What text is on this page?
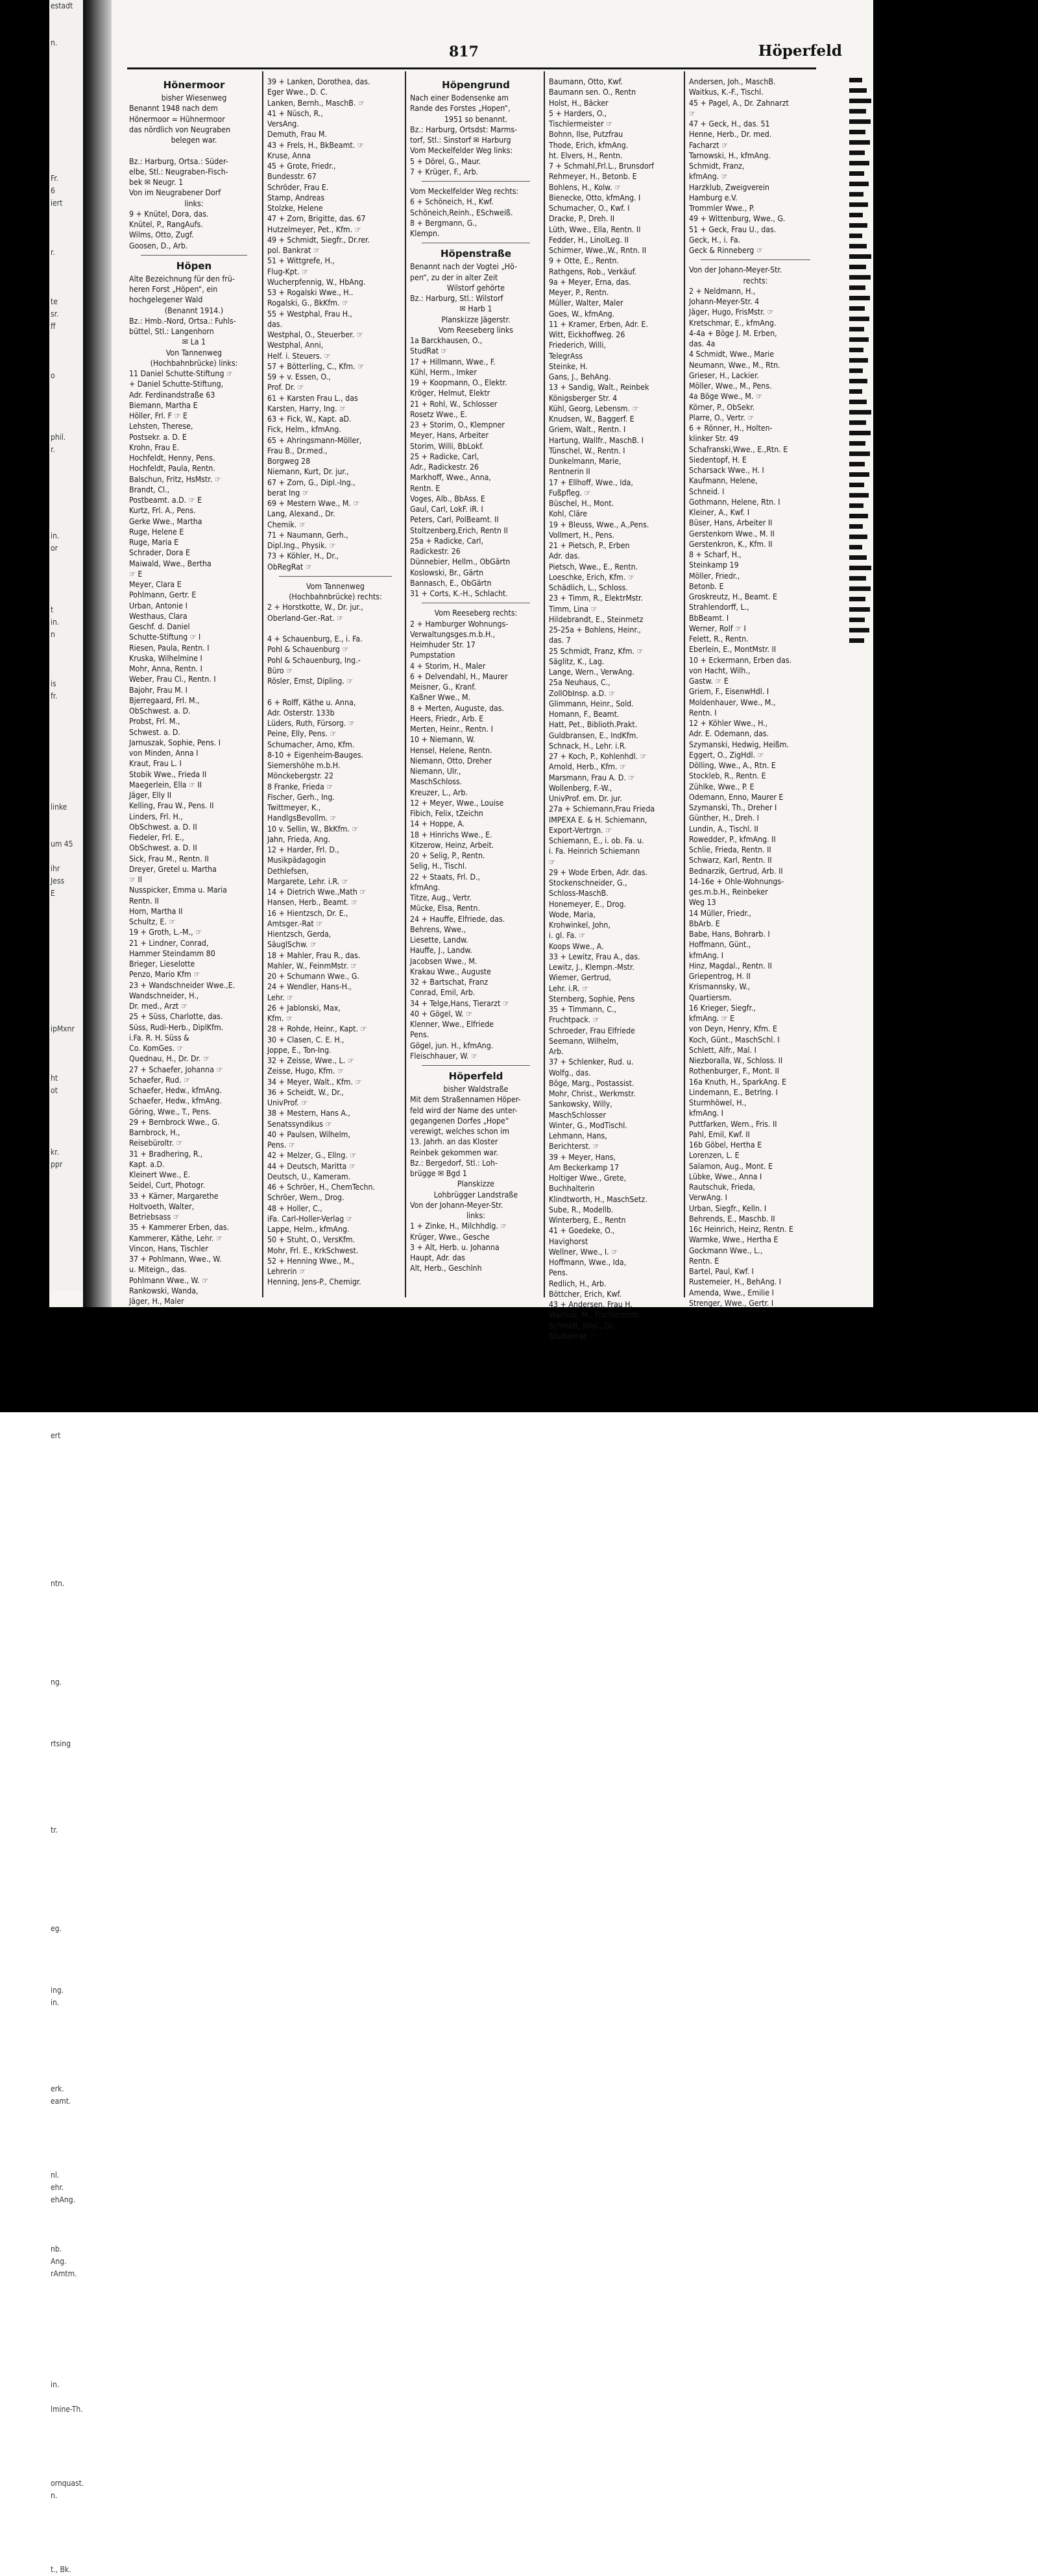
estadt

n.

Fr.
6
iert

r.

te
sr.
ff

o

phil.
r.

in.
or

t
in.
n

is
fr.

linke

um 45

ihr
Jess
E

ipMxnr

ht
ot

kr.
ppr

ert

ntn.

ng.

rtsing

tr.

eg.

ing.
in.

erk.
eamt.

nl.
ehr.
ehAng.

nb.
Ang.
rAmtm.

in.

lmine-Th.

ornquast.
n.

t., Bk.
817	Höperfeld
Hönermoor
bisher Wiesenweg
Benannt 1948 nach dem
Hönermoor = Hühnermoor
das nördlich von Neugraben
belegen war.

Bz.: Harburg, Ortsa.: Süder-
elbe, Stl.: Neugraben-Fisch-
bek ✉ Neugr. 1
Von im Neugrabener Dorf
links:
9 + Knütel, Dora, das.
Knütel, P., RangAufs.
Wilms, Otto, Zugf.
Goosen, D., Arb.
Höpen
Alte Bezeichnung für den frü-
heren Forst „Höpen“, ein
hochgelegener Wald
(Benannt 1914.)
Bz.: Hmb.-Nord, Ortsa.: Fuhls-
büttel, Stl.: Langenhorn
✉ La 1
Von Tannenweg
(Hochbahnbrücke) links:
11 Daniel Schutte-Stiftung ☞
+ Daniel Schutte-Stiftung,
Adr. Ferdinandstraße 63
Biemann, Martha E
Höller, Frl. F ☞ E
Lehsten, Therese,
Postsekr. a. D. E
Krohn, Frau E.
Hochfeldt, Henny, Pens.
Hochfeldt, Paula, Rentn.
Balschun, Fritz, HsMstr. ☞
Brandt, Cl.,
Postbeamt. a.D. ☞ E
Kurtz, Frl. A., Pens.
Gerke Wwe., Martha
Ruge, Helene E
Ruge, Maria E
Schrader, Dora E
Maiwald, Wwe., Bertha
☞ E
Meyer, Clara E
Pohlmann, Gertr. E
Urban, Antonie I
Westhaus, Clara
Geschf. d. Daniel
Schutte-Stiftung ☞ I
Riesen, Paula, Rentn. I
Kruska, Wilhelmine I
Mohr, Anna, Rentn. I
Weber, Frau Cl., Rentn. I
Bajohr, Frau M. I
Bjerregaard, Frl. M.,
ObSchwest. a. D.
Probst, Frl. M.,
Schwest. a. D.
Jarnuszak, Sophie, Pens. I
von Minden, Anna I
Kraut, Frau L. I
Stobik Wwe., Frieda II
Maegerlein, Ella ☞ II
Jäger, Elly II
Kelling, Frau W., Pens. II
Linders, Frl. H.,
ObSchwest. a. D. II
Fiedeler, Frl. E.,
ObSchwest. a. D. II
Sick, Frau M., Rentn. II
Dreyer, Gretel u. Martha
☞ II
Nusspicker, Emma u. Maria
Rentn. II
Horn, Martha II
Schultz, E. ☞
19 + Groth, L.-M., ☞
21 + Lindner, Conrad,
Hammer Steindamm 80
Brieger, Lieselotte
Penzo, Mario Kfm ☞
23 + Wandschneider Wwe.,E.
Wandschneider, H.,
Dr. med., Arzt ☞
25 + Süss, Charlotte, das.
Süss, Rudi-Herb., DiplKfm.
i.Fa. R. H. Süss &
Co. KomGes. ☞
Quednau, H., Dr. Dr. ☞
27 + Schaefer, Johanna ☞
Schaefer, Rud. ☞
Schaefer, Hedw., kfmAng.
Schaefer, Hedw., kfmAng.
Göring, Wwe., T., Pens.
29 + Bernbrock Wwe., G.
Barnbrock, H.,
Reisebüroltr. ☞
31 + Bradhering, R.,
Kapt. a.D.
Kleinert Wwe., E.
Seidel, Curt, Photogr.
33 + Kärner, Margarethe
Holtvoeth, Walter,
Betriebsass ☞
35 + Kammerer Erben, das.
Kammerer, Käthe, Lehr. ☞
Vincon, Hans, Tischler
37 + Pohlmann, Wwe., W.
u. Miteign., das.
Pohlmann Wwe., W. ☞
Rankowski, Wanda,
Jäger, H., Maler
39 + Lanken, Dorothea, das.
Eger Wwe., D. C.
Lanken, Bernh., MaschB. ☞
41 + Nüsch, R.,
VersAng.
Demuth, Frau M.
43 + Frels, H., BkBeamt. ☞
Kruse, Anna
45 + Grote, Friedr.,
Bundesstr. 67
Schröder, Frau E.
Stamp, Andreas
Stolzke, Helene
47 + Zorn, Brigitte, das. 67
Hutzelmeyer, Pet., Kfm. ☞
49 + Schmidt, Siegfr., Dr.rer.
pol. Bankrat ☞
51 + Wittgrefe, H.,
Flug-Kpt. ☞
Wucherpfennig, W., HbAng.
53 + Rogalski Wwe., H..
Rogalski, G., BkKfm. ☞
55 + Westphal, Frau H.,
das.
Westphal, O., Steuerber. ☞
Westphal, Anni,
Helf. i. Steuers. ☞
57 + Bötterling, C., Kfm. ☞
59 + v. Essen, O.,
Prof. Dr. ☞
61 + Karsten Frau L., das
Karsten, Harry, Ing. ☞
63 + Fick, W., Kapt. aD.
Fick, Helm., kfmAng.
65 + Ahringsmann-Möller,
Frau B., Dr.med.,
Borgweg 28
Niemann, Kurt, Dr. jur.,
67 + Zorn, G., Dipl.-Ing.,
berat Ing ☞
69 + Mestern Wwe., M. ☞
Lang, Alexand., Dr.
Chemik. ☞
71 + Naumann, Gerh.,
Dipl.Ing., Physik. ☞
73 + Köhler, H., Dr.,
ObRegRat ☞
Vom Tannenweg
(Hochbahnbrücke) rechts:
2 + Horstkotte, W., Dr. jur.,
Oberland-Ger.-Rat. ☞

4 + Schauenburg, E., i. Fa.
Pohl & Schauenburg ☞
Pohl & Schauenburg, Ing.-
Büro ☞
Rösler, Ernst, Dipling. ☞

6 + Rolff, Käthe u. Anna,
Adr. Osterstr. 133b
Lüders, Ruth, Fürsorg. ☞
Peine, Elly, Pens. ☞
Schumacher, Arno, Kfm.
8-10 + Eigenheim-Bauges.
Siemershöhe m.b.H.
Mönckebergstr. 22
8 Franke, Frieda ☞
Fischer, Gerh., Ing.
Twittmeyer, K.,
HandlgsBevollm. ☞
10 v. Sellin, W., BkKfm. ☞
Jahn, Frieda, Ang.
12 + Harder, Frl. D.,
Musikpädagogin
Dethlefsen,
Margarete, Lehr. i.R. ☞
14 + Dietrich Wwe.,Math ☞
Hansen, Herb., Beamt. ☞
16 + Hientzsch, Dr. E.,
Amtsger.-Rat ☞
Hientzsch, Gerda,
SäuglSchw. ☞
18 + Mahler, Frau R., das.
Mahler, W., FeinmMstr. ☞
20 + Schumann Wwe., G.
24 + Wendler, Hans-H.,
Lehr. ☞
26 + Jablonski, Max,
Kfm. ☞
28 + Rohde, Heinr., Kapt. ☞
30 + Clasen, C. E. H.,
Joppe, E., Ton-Ing.
32 + Zeisse, Wwe., L. ☞
Zeisse, Hugo, Kfm. ☞
34 + Meyer, Walt., Kfm. ☞
36 + Scheidt, W., Dr.,
UnivProf. ☞
38 + Mestern, Hans A.,
Senatssyndikus ☞
40 + Paulsen, Wilhelm,
Pens. ☞
42 + Melzer, G., Ellng. ☞
44 + Deutsch, Maritta ☞
Deutsch, U., Kameram.
46 + Schröer, H., ChemTechn.
Schröer, Wern., Drog.
48 + Holler, C.,
iFa. Carl-Holler-Verlag ☞
Lappe, Helm., kfmAng.
50 + Stuht, O., VersKfm.
Mohr, Frl. E., KrkSchwest.
52 + Henning Wwe., M.,
Lehrerin ☞
Henning, Jens-P., Chemigr.
Höpengrund
Nach einer Bodensenke am
Rande des Forstes „Hopen“,
1951 so benannt.
Bz.: Harburg, Ortsdst: Marms-
torf, Stl.: Sinstorf ✉ Harburg
Vom Meckelfelder Weg links:
5 + Dörel, G., Maur.
7 + Krüger, F., Arb.
Vom Meckelfelder Weg rechts:
6 + Schöneich, H., Kwf.
Schöneich,Reinh., ESchweiß.
8 + Bergmann, G.,
Klempn.
Höpenstraße
Benannt nach der Vogtei „Hö-
pen“, zu der in alter Zeit
Wilstorf gehörte
Bz.: Harburg, Stl.: Wilstorf
✉ Harb 1
Planskizze Jägerstr.
Vom Reeseberg links
1a Barckhausen, O.,
StudRat ☞
17 + Hillmann, Wwe., F.
Kühl, Herm., Imker
19 + Koopmann, O., Elektr.
Kröger, Helmut, Elektr
21 + Rohl, W., Schlosser
Rosetz Wwe., E.
23 + Storim, O., Klempner
Meyer, Hans, Arbeiter
Storim, Willi, BbLokf.
25 + Radicke, Carl,
Adr., Radickestr. 26
Markhoff, Wwe., Anna,
Rentn. E
Voges, Alb., BbAss. E
Gaul, Carl, LokF. iR. I
Peters, Carl, PolBeamt. II
Stoltzenberg,Erich, Rentn II
25a + Radicke, Carl,
Radickestr. 26
Dünnebier, Hellm., ObGärtn
Koslowski, Br., Gärtn
Bannasch, E., ObGärtn
31 + Corts, K.-H., Schlacht.
Vom Reeseberg rechts:
2 + Hamburger Wohnungs-
Verwaltungsges.m.b.H.,
Heimhuder Str. 17
Pumpstation
4 + Storim, H., Maler
6 + Delvendahl, H., Maurer
Meisner, G., Kranf.
Kaßner Wwe., M.
8 + Merten, Auguste, das.
Heers, Friedr., Arb. E
Merten, Heinr., Rentn. I
10 + Niemann, W.
Hensel, Helene, Rentn.
Niemann, Otto, Dreher
Niemann, Ulr.,
MaschSchloss.
Kreuzer, L., Arb.
12 + Meyer, Wwe., Louise
Fibich, Felix, tZeichn
14 + Hoppe, A.
18 + Hinrichs Wwe., E.
Kitzerow, Heinz, Arbeit.
20 + Selig, P., Rentn.
Selig, H., Tischl.
22 + Staats, Frl. D.,
kfmAng.
Titze, Aug., Vertr.
Mücke, Elsa, Rentn.
24 + Hauffe, Elfriede, das.
Behrens, Wwe.,
Liesette, Landw.
Hauffe, J., Landw.
Jacobsen Wwe., M.
Krakau Wwe., Auguste
32 + Bartschat, Franz
Conrad, Emil, Arb.
34 + Telge,Hans, Tierarzt ☞
40 + Gögel, W. ☞
Klenner, Wwe., Elfriede
Pens.
Gögel, jun. H., kfmAng.
Fleischhauer, W. ☞
Höperfeld
bisher Waldstraße
Mit dem Straßennamen Höper-
feld wird der Name des unter-
gegangenen Dorfes „Hope“
verewigt, welches schon im
13. Jahrh. an das Kloster
Reinbek gekommen war.
Bz.: Bergedorf, Stl.: Loh-
brügge ✉ Bgd 1
Planskizze
Lohbrügger Landstraße
Von der Johann-Meyer-Str.
links:
1 + Zinke, H., Milchhdlg. ☞
Krüger, Wwe., Gesche
3 + Alt, Herb. u. Johanna
Haupt, Adr. das
Alt, Herb., Geschlnh
Baumann, Otto, Kwf.
Baumann sen. O., Rentn
Holst, H., Bäcker
5 + Harders, O.,
Tischlermeister ☞
Bohnn, Ilse, Putzfrau
Thode, Erich, kfmAng.
ht. Elvers, H., Rentn.
7 + Schmahl,Frl.L., Brunsdorf
Rehmeyer, H., Betonb. E
Bohlens, H., Kolw. ☞
Bienecke, Otto, kfmAng. I
Schumacher, O., Kwf. I
Dracke, P., Dreh. II
Lüth, Wwe., Ella, Rentn. II
Fedder, H., LinolLeg. II
Schirmer, Wwe.,W., Rntn. II
9 + Otte, E., Rentn.
Rathgens, Rob., Verkäuf.
9a + Meyer, Erna, das.
Meyer, P., Rentn.
Müller, Walter, Maler
Goes, W., kfmAng.
11 + Kramer, Erben, Adr. E.
Witt, Eickhoffweg. 26
Friederich, Willi,
TelegrAss
Steinke, H.
Gans, J., BehAng.
13 + Sandig, Walt., Reinbek
Königsberger Str. 4
Kühl, Georg, Lebensm. ☞
Knudsen, W., Baggerf. E
Griem, Walt., Rentn. I
Hartung, Wallfr., MaschB. I
Tünschel, W., Rentn. I
Dunkelmann, Marie,
Rentnerin II
17 + Ellhoff, Wwe., Ida,
Fußpfleg. ☞
Büschel, H., Mont.
Kohl, Cläre
19 + Bleuss, Wwe., A.,Pens.
Vollmert, H., Pens.
21 + Pietsch, P., Erben
Adr. das.
Pietsch, Wwe., E., Rentn.
Loeschke, Erich, Kfm. ☞
Schädlich, L., Schloss.
23 + Timm, R., ElektrMstr.
Timm, Lina ☞
Hildebrandt, E., Steinmetz
25-25a + Bohlens, Heinr.,
das. 7
25 Schmidt, Franz, Kfm. ☞
Säglitz, K., Lag.
Lange, Wern., VerwAng.
25a Neuhaus, C.,
ZollObInsp. a.D. ☞
Glimmann, Heinr., Sold.
Homann, F., Beamt.
Hatt, Pet., Biblioth.Prakt.
Guldbransen, E., IndKfm.
Schnack, H., Lehr. i.R.
27 + Koch, P., Kohlenhdl. ☞
Arnold, Herb., Kfm. ☞
Marsmann, Frau A. D. ☞
Wollenberg, F.-W.,
UnivProf. em. Dr. jur.
27a + Schiemann,Frau Frieda
IMPEXA E. & H. Schiemann,
Export-Vertrgn. ☞
Schiemann, E., i. ob. Fa. u.
i. Fa. Heinrich Schiemann
☞
29 + Wode Erben, Adr. das.
Stockenschneider, G.,
Schloss-MaschB.
Honemeyer, E., Drog.
Wode, Maria,
Krohwinkel, John,
i. gl. Fa. ☞
Koops Wwe., A.
33 + Lewitz, Frau A., das.
Lewitz, J., Klempn.-Mstr.
Wiemer, Gertrud,
Lehr. i.R. ☞
Sternberg, Sophie, Pens
35 + Timmann, C.,
Fruchtpack. ☞
Schroeder, Frau Elfriede
Seemann, Wilhelm,
Arb.
37 + Schlenker, Rud. u.
Wolfg., das.
Böge, Marg., Postassist.
Mohr, Christ., Werkmstr.
Sankowsky, Willy,
MaschSchlosser
Winter, G., ModTischl.
Lehmann, Hans,
Berichterst. ☞
39 + Meyer, Hans,
Am Beckerkamp 17
Holtiger Wwe., Grete,
Buchhalterin
Klindtworth, H., MaschSetz.
Sube, R., Modellb.
Winterberg, E., Rentn
41 + Goedeke, O.,
Havighorst
Wellner, Wwe., I. ☞
Hoffmann, Wwe., Ida,
Pens.
Redlich, H., Arb.
Böttcher, Erich, Kwf.
43 + Andersen, Frau H.
Waitkus, M., Tischlermstr.
Schmidt, Johs., Dr.,
Studienrat ☞
Andersen, Joh., MaschB.
Waitkus, K.-F., Tischl.
45 + Pagel, A., Dr. Zahnarzt
☞
47 + Geck, H., das. 51
Henne, Herb., Dr. med.
Facharzt ☞
Tarnowski, H., kfmAng.
Schmidt, Franz,
kfmAng. ☞
Harzklub, Zweigverein
Hamburg e.V.
Trommler Wwe., P.
49 + Wittenburg, Wwe., G.
51 + Geck, Frau U., das.
Geck, H., i. Fa.
Geck & Rinneberg ☞
Von der Johann-Meyer-Str.
rechts:
2 + Neldmann, H.,
Johann-Meyer-Str. 4
Jäger, Hugo, FrisMstr. ☞
Kretschmar, E., kfmAng.
4-4a + Böge J. M. Erben,
das. 4a
4 Schmidt, Wwe., Marie
Neumann, Wwe., M., Rtn.
Grieser, H., Lackier.
Möller, Wwe., M., Pens.
4a Böge Wwe., M. ☞
Körner, P., ObSekr.
Plarre, O., Vertr. ☞
6 + Rönner, H., Holten-
klinker Str. 49
Schafranski,Wwe., E.,Rtn. E
Siedentopf, H. E
Scharsack Wwe., H. I
Kaufmann, Helene,
Schneid. I
Gothmann, Helene, Rtn. I
Kleiner, A., Kwf. I
Büser, Hans, Arbeiter II
Gerstenkorn Wwe., M. II
Gerstenkron, K., Kfm. II
8 + Scharf, H.,
Steinkamp 19
Möller, Friedr.,
Betonb. E
Groskreutz, H., Beamt. E
Strahlendorff, L.,
BbBeamt. I
Werner, Rolf ☞ I
Felett, R., Rentn.
Eberlein, E., MontMstr. II
10 + Eckermann, Erben das.
von Hacht, Wilh.,
Gastw. ☞ E
Griem, F., EisenwHdl. I
Moldenhauer, Wwe., M.,
Rentn. I
12 + Köhler Wwe., H.,
Adr. E. Odemann, das.
Szymanski, Hedwig, Heißm.
Eggert, O., ZigHdl. ☞
Dölling, Wwe., A., Rtn. E
Stockleb, R., Rentn. E
Zühlke, Wwe., P. E
Odemann, Enno, Maurer E
Szymanski, Th., Dreher I
Günther, H., Dreh. I
Lundin, A., Tischl. II
Rowedder, P., kfmAng. II
Schlie, Frieda, Rentn. II
Schwarz, Karl, Rentn. II
Bednarzik, Gertrud, Arb. II
14-16e + Ohle-Wohnungs-
ges.m.b.H., Reinbeker
Weg 13
14 Müller, Friedr.,
BbArb. E
Babe, Hans, Bohrarb. I
Hoffmann, Günt.,
kfmAng. I
Hinz, Magdal., Rentn. II
Griepentrog, H. II
Krismannsky, W.,
Quartiersm.
16 Krieger, Siegfr.,
kfmAng. ☞ E
von Deyn, Henry, Kfm. E
Koch, Günt., MaschSchl. I
Schlett, Alfr., Mal. I
Niezboralla, W., Schloss. II
Rothenburger, F., Mont. II
16a Knuth, H., SparkAng. E
Lindemann, E., Betrlng. I
Sturmhöwel, H.,
kfmAng. I
Puttfarken, Wern., Fris. II
Pahl, Emil, Kwf. II
16b Göbel, Hertha E
Lorenzen, L. E
Salamon, Aug., Mont. E
Lübke, Wwe., Anna I
Rautschuk, Frieda,
VerwAng. I
Urban, Siegfr., Kelln. I
Behrends, E., Maschb. II
16c Heinrich, Heinz, Rentn. E
Warmke, Wwe., Hertha E
Gockmann Wwe., L.,
Rentn. E
Bartel, Paul, Kwf. I
Rustemeier, H., BehAng. I
Amenda, Wwe., Emilie I
Strenger, Wwe., Gertr. I
